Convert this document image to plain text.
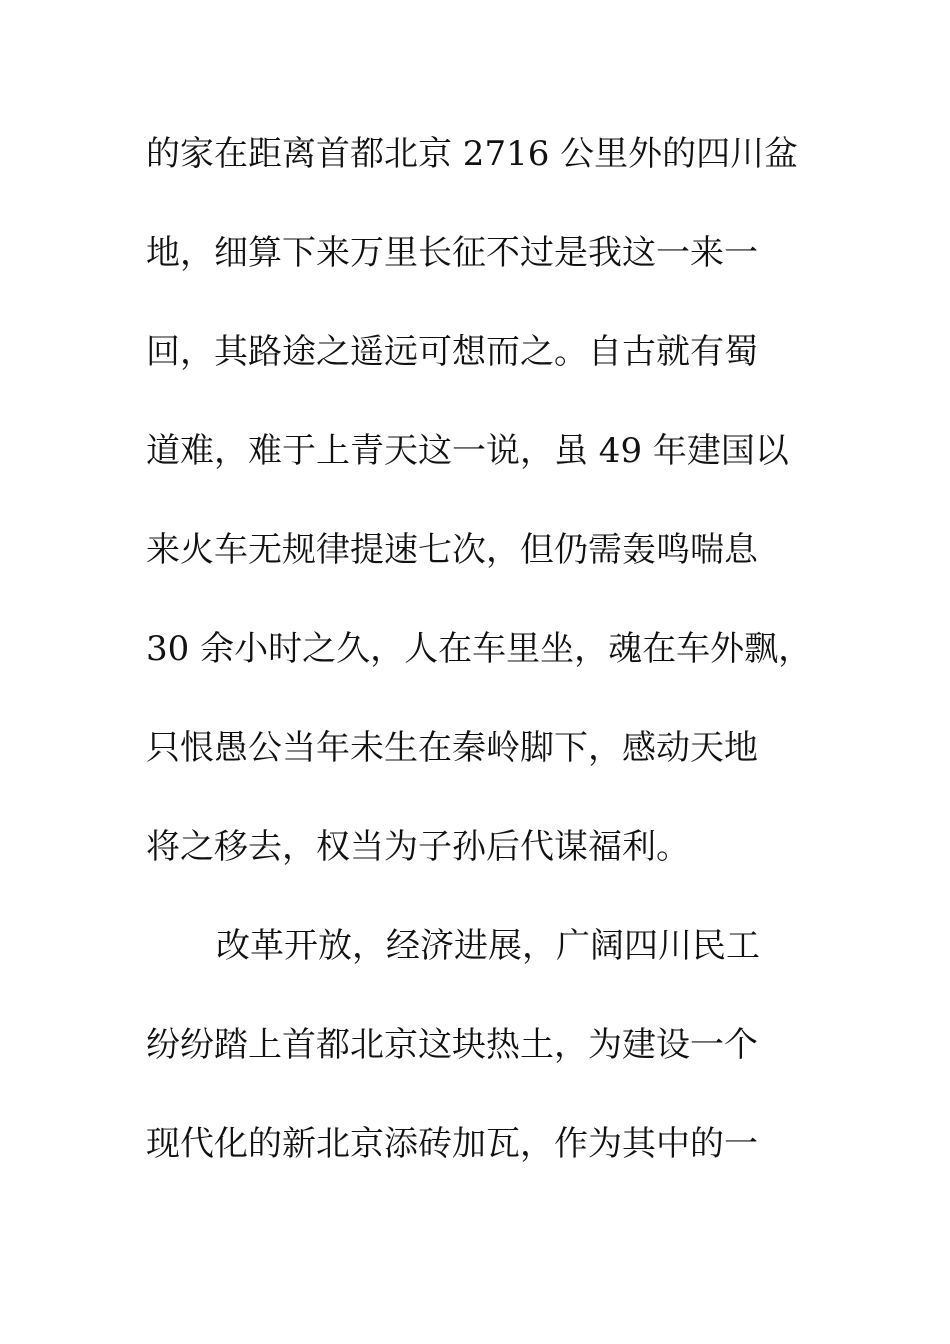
的家在距离首都北京 2716 公里外的四川盆
地，细算下来万里长征不过是我这一来一
回，其路途之遥远可想而之。自古就有蜀
道难，难于上青天这一说，虽 49 年建国以
来火车无规律提速七次，但仍需轰鸣喘息
30 余小时之久，人在车里坐，魂在车外飘，
只恨愚公当年未生在秦岭脚下，感动天地
将之移去，权当为子孙后代谋福利。
改革开放，经济进展，广阔四川民工
纷纷踏上首都北京这块热土，为建设一个
现代化的新北京添砖加瓦，作为其中的一
